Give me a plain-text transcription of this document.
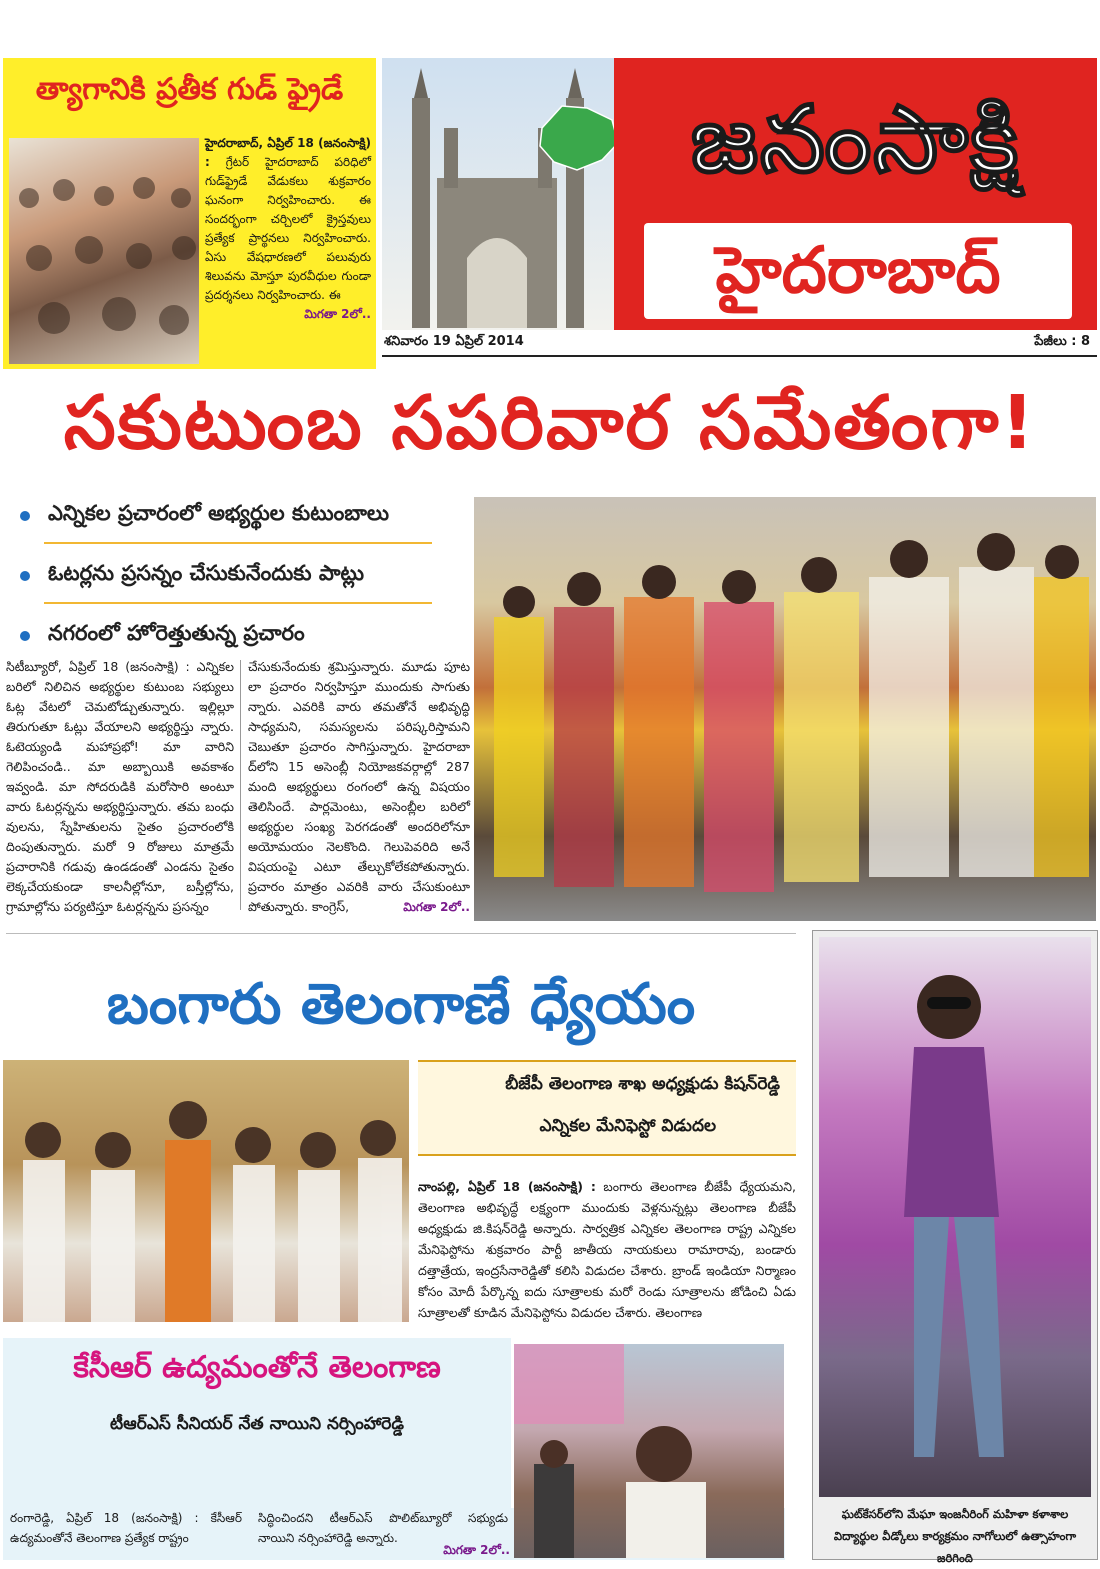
త్యాగానికి ప్రతీక గుడ్ ఫ్రైడే
హైదరాబాద్, ఏప్రిల్ 18 (జనంసాక్షి) : గ్రేటర్ హైదరాబాద్ పరిధిలో గుడ్‌ఫ్రైడే వేడుకలు శుక్రవారం ఘనంగా నిర్వహించారు. ఈ సందర్భంగా చర్చిలలో క్రైస్తవులు ప్రత్యేక ప్రార్థనలు నిర్వహించారు. ఏసు వేషధారణలో పలువురు శిలువను మోస్తూ పురవీధుల గుండా ప్రదర్శనలు నిర్వహించారు. ఈ
మిగతా 2లో..
జనంసాక్షి
హైదరాబాద్
శనివారం 19 ఏప్రిల్ 2014	పేజీలు : 8
సకుటుంబ సపరివార సమేతంగా!
ఎన్నికల ప్రచారంలో అభ్యర్థుల కుటుంబాలు
ఓటర్లను ప్రసన్నం చేసుకునేందుకు పాట్లు
నగరంలో హోరెత్తుతున్న ప్రచారం
సిటీబ్యూరో, ఏప్రిల్ 18 (జనంసాక్షి) : ఎన్నికల బరిలో నిలిచిన అభ్యర్థుల కుటుంబ సభ్యులు ఓట్ల వేటలో చెమటోడ్చుతున్నారు. ఇల్లిల్లూ తిరుగుతూ ఓట్లు వేయాలని అభ్యర్థిస్తు న్నారు. ఓటెయ్యండి మహాప్రభో! మా వారిని గెలిపించండి.. మా అబ్బాయికి అవకాశం ఇవ్వండి. మా సోదరుడికి మరోసారి అంటూ వారు ఓటర్లన్నను అభ్యర్థిస్తున్నారు. తమ బంధు వులను, స్నేహితులను సైతం ప్రచారంలోకి దింపుతున్నారు. మరో 9 రోజులు మాత్రమే ప్రచారానికి గడువు ఉండడంతో ఎండను సైతం లెక్కచేయకుండా కాలనీల్లోనూ, బస్తీల్లోను, గ్రామాల్లోను పర్యటిస్తూ ఓటర్లన్నను ప్రసన్నం
చేసుకునేందుకు శ్రమిస్తున్నారు. మూడు పూట లా ప్రచారం నిర్వహిస్తూ ముందుకు సాగుతు న్నారు. ఎవరికి వారు తమతోనే అభివృద్ధి సాధ్యమని, సమస్యలను పరిష్కరిస్తామని చెబుతూ ప్రచారం సాగిస్తున్నారు. హైదరాబా ద్‌లోని 15 అసెంబ్లీ నియోజకవర్గాల్లో 287 మంది అభ్యర్థులు రంగంలో ఉన్న విషయం తెలిసిందే. పార్లమెంటు, అసెంబ్లీల బరిలో అభ్యర్థుల సంఖ్య పెరగడంతో అందరిలోనూ అయోమయం నెలకొంది. గెలుపెవరిది అనే విషయంపై ఎటూ తేల్చుకోలేకపోతున్నారు. ప్రచారం మాత్రం ఎవరికి వారు చేసుకుంటూ పోతున్నారు. కాంగ్రెస్,	మిగతా 2లో..
బంగారు తెలంగాణే ధ్యేయం
బీజేపీ తెలంగాణ శాఖ అధ్యక్షుడు కిషన్‌రెడ్డి
ఎన్నికల మేనిఫెస్టో విడుదల
నాంపల్లి, ఏప్రిల్ 18 (జనంసాక్షి) : బంగారు తెలంగాణ బీజేపీ ధ్యేయమని, తెలంగాణ అభివృద్ధే లక్ష్యంగా ముందుకు వెళ్లనున్నట్లు తెలంగాణ బీజేపీ అధ్యక్షుడు జి.కిషన్‌రెడ్డి అన్నారు. సార్వత్రిక ఎన్నికల తెలంగాణ రాష్ట్ర ఎన్నికల మేనిఫెస్టోను శుక్రవారం పార్టీ జాతీయ నాయకులు రామారావు, బండారు దత్తాత్రేయ, ఇంద్రసేనారెడ్డితో కలిసి విడుదల చేశారు. బ్రాండ్ ఇండియా నిర్మాణం కోసం మోదీ పేర్కొన్న ఐదు సూత్రాలకు మరో రెండు సూత్రాలను జోడించి ఏడు సూత్రాలతో కూడిన మేనిఫెస్టోను విడుదల చేశారు. తెలంగాణ
కేసీఆర్ ఉద్యమంతోనే తెలంగాణ
టీఆర్ఎస్ సీనియర్ నేత నాయిని నర్సింహారెడ్డి
రంగారెడ్డి, ఏప్రిల్ 18 (జనంసాక్షి) : కేసీఆర్ ఉద్యమంతోనే తెలంగాణ ప్రత్యేక రాష్ట్రం
సిద్ధించిందని టీఆర్ఎస్ పొలిట్‌బ్యూరో సభ్యుడు నాయిని నర్సింహారెడ్డి అన్నారు.
మిగతా 2లో..
ఘట్‌కేసర్‌లోని మేఘా ఇంజనీరింగ్ మహిళా కళాశాల విద్యార్థుల వీడ్కోలు కార్యక్రమం నాగోలులో ఉత్సాహంగా జరిగింది
